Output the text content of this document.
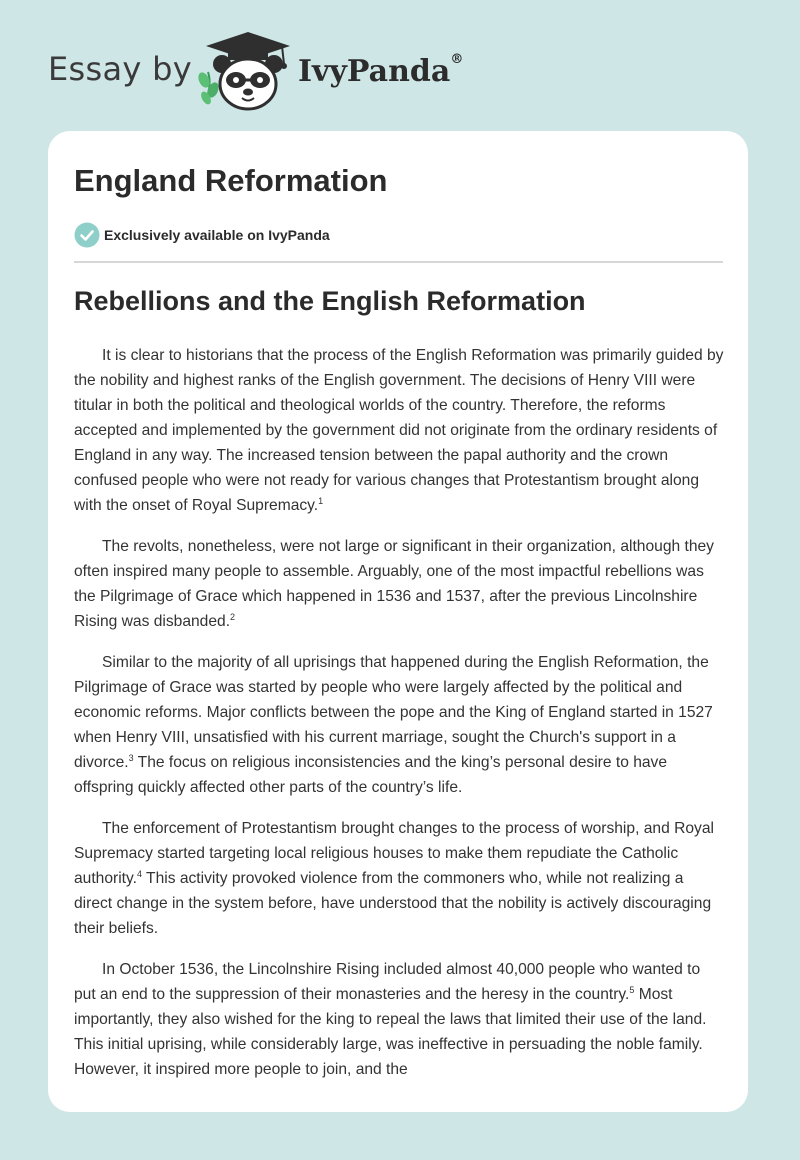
Essay by	IvyPanda®
England Reformation
Exclusively available on IvyPanda
Rebellions and the English Reformation

It is clear to historians that the process of the English Reformation was primarily guided by the nobility and highest ranks of the English government. The decisions of Henry VIII were titular in both the political and theological worlds of the country. Therefore, the reforms accepted and implemented by the government did not originate from the ordinary residents of England in any way. The increased tension between the papal authority and the crown confused people who were not ready for various changes that Protestantism brought along with the onset of Royal Supremacy.$^1$

The revolts, nonetheless, were not large or significant in their organization, although they often inspired many people to assemble. Arguably, one of the most impactful rebellions was the Pilgrimage of Grace which happened in 1536 and 1537, after the previous Lincolnshire Rising was disbanded.$^2$

Similar to the majority of all uprisings that happened during the English Reformation, the Pilgrimage of Grace was started by people who were largely affected by the political and economic reforms. Major conflicts between the pope and the King of England started in 1527 when Henry VIII, unsatisfied with his current marriage, sought the Church's support in a divorce.$^3$ The focus on religious inconsistencies and the king’s personal desire to have offspring quickly affected other parts of the country’s life.

The enforcement of Protestantism brought changes to the process of worship, and Royal Supremacy started targeting local religious houses to make them repudiate the Catholic authority.$^4$ This activity provoked violence from the commoners who, while not realizing a direct change in the system before, have understood that the nobility is actively discouraging their beliefs.

In October 1536, the Lincolnshire Rising included almost 40,000 people who wanted to put an end to the suppression of their monasteries and the heresy in the country.$^5$ Most importantly, they also wished for the king to repeal the laws that limited their use of the land. This initial uprising, while considerably large, was ineffective in persuading the noble family. However, it inspired more people to join, and the
